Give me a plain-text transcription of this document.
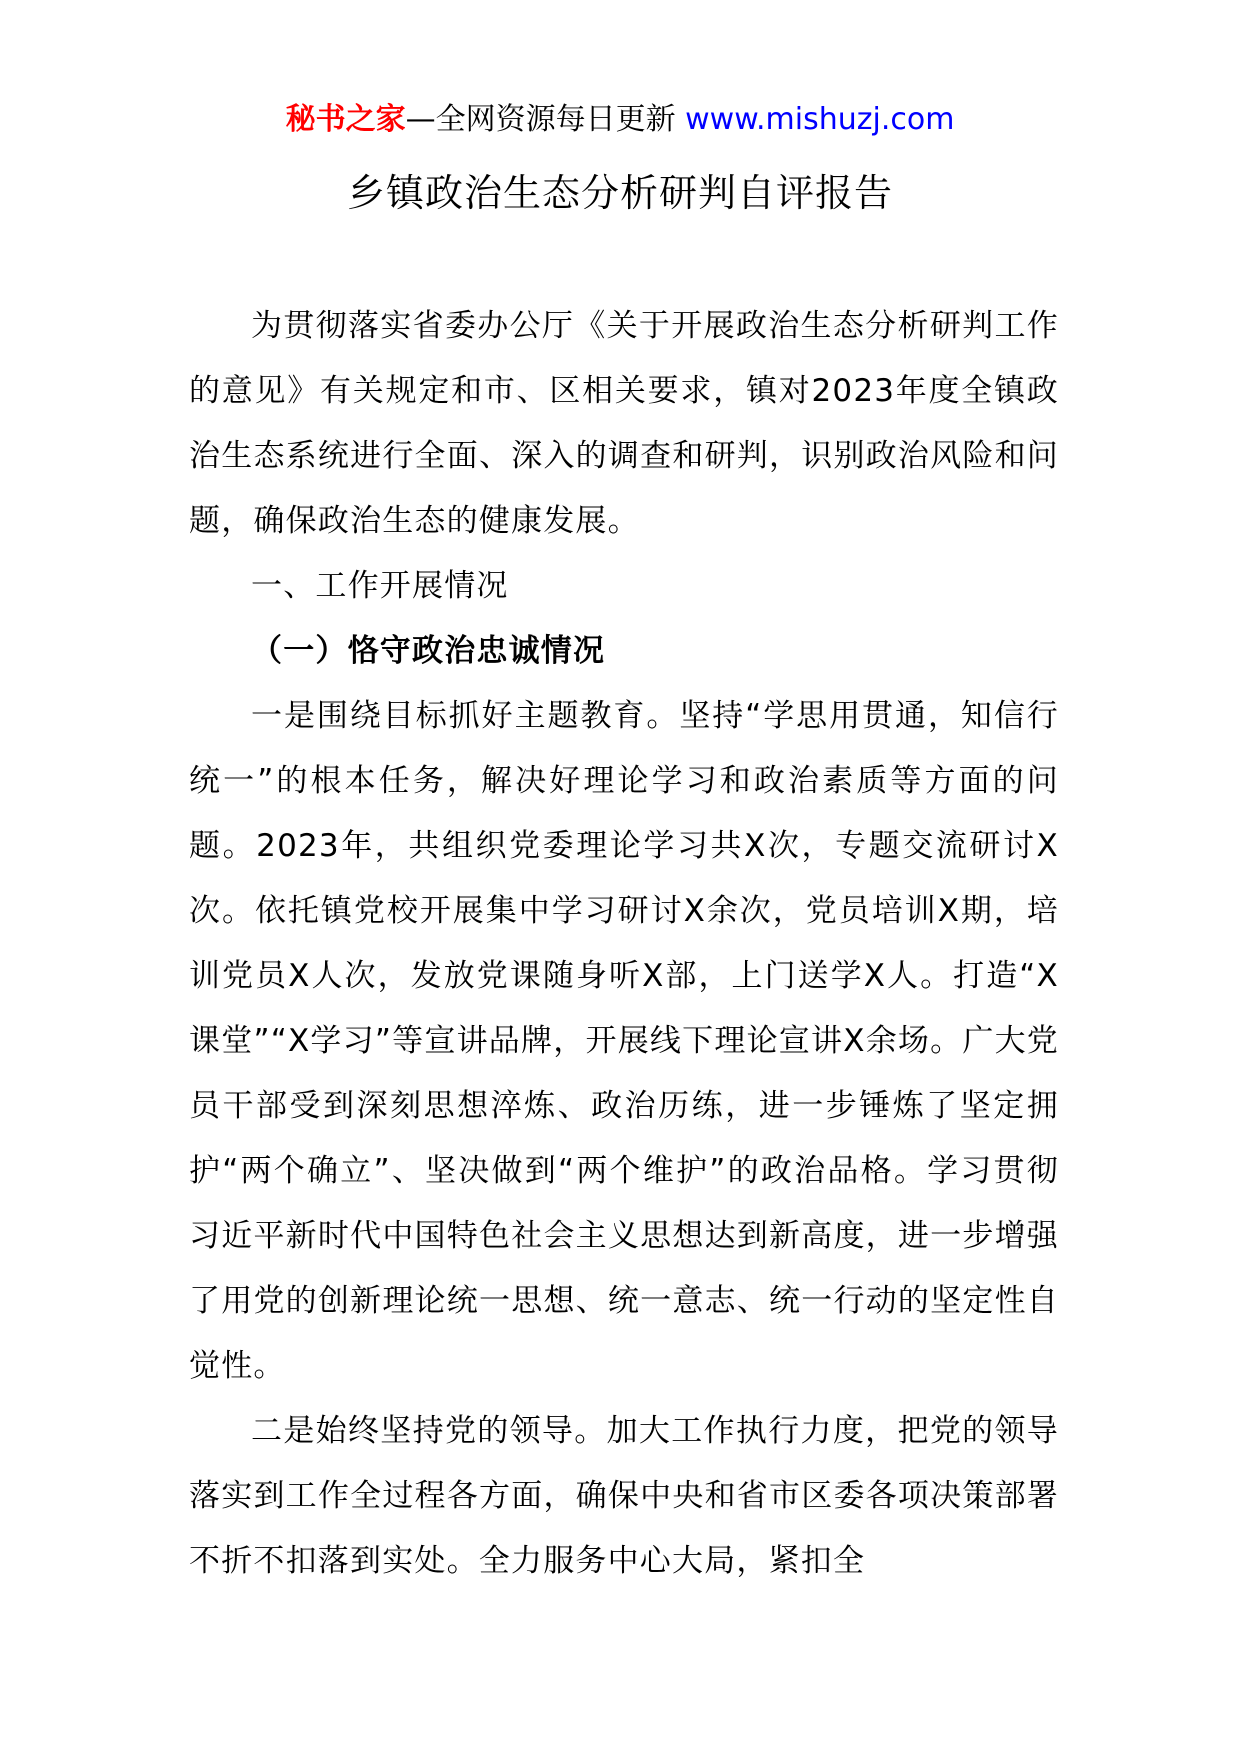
秘书之家—全网资源每日更新 www.mishuzj.com
乡镇政治生态分析研判自评报告

为贯彻落实省委办公厅《关于开展政治生态分析研判工作的意见》有关规定和市、区相关要求，镇对2023年度全镇政治生态系统进行全面、深入的调查和研判，识别政治风险和问题，确保政治生态的健康发展。

一、工作开展情况

（一）恪守政治忠诚情况

一是围绕目标抓好主题教育。坚持“学思用贯通，知信行统一”的根本任务，解决好理论学习和政治素质等方面的问题。2023年，共组织党委理论学习共X次，专题交流研讨X次。依托镇党校开展集中学习研讨X余次，党员培训X期，培训党员X人次，发放党课随身听X部，上门送学X人。打造“X课堂”“X学习”等宣讲品牌，开展线下理论宣讲X余场。广大党员干部受到深刻思想淬炼、政治历练，进一步锤炼了坚定拥护“两个确立”、坚决做到“两个维护”的政治品格。学习贯彻习近平新时代中国特色社会主义思想达到新高度，进一步增强了用党的创新理论统一思想、统一意志、统一行动的坚定性自觉性。

二是始终坚持党的领导。加大工作执行力度，把党的领导落实到工作全过程各方面，确保中央和省市区委各项决策部署不折不扣落到实处。全力服务中心大局，紧扣全
